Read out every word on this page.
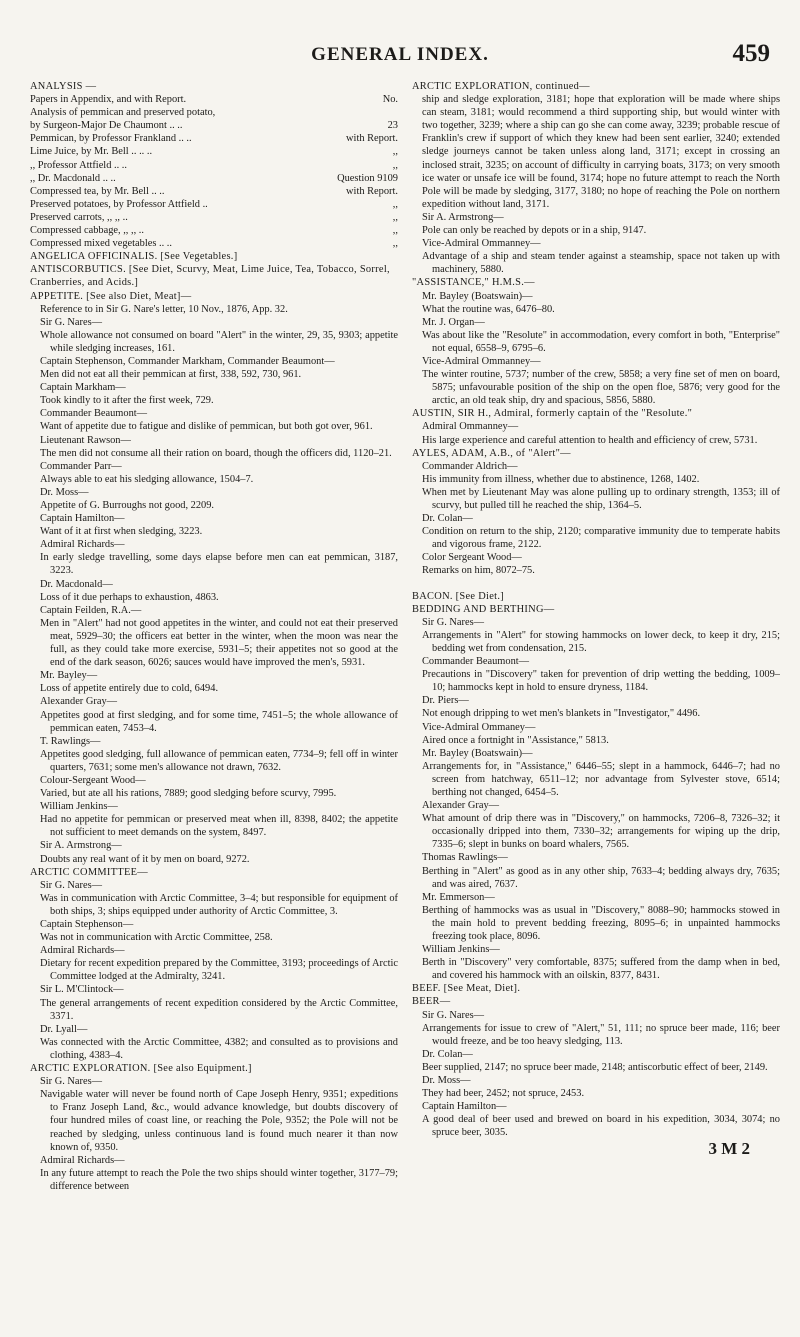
GENERAL INDEX.	459

ANALYSIS —

Papers in Appendix, and with Report.	No.
Analysis of pemmican and preserved potato,
by Surgeon-Major De Chaumont .. ..	23
Pemmican, by Professor Frankland .. ..	with Report.
Lime Juice, by Mr. Bell .. .. ..	,,
,, Professor Attfield .. ..	,,
,, Dr. Macdonald .. ..	Question 9109
Compressed tea, by Mr. Bell .. ..	with Report.
Preserved potatoes, by Professor Attfield ..	,,
Preserved carrots, ,, ,, ..	,,
Compressed cabbage, ,, ,, ..	,,
Compressed mixed vegetables .. ..	,,

ANGELICA OFFICINALIS. [See Vegetables.]

ANTISCORBUTICS. [See Diet, Scurvy, Meat, Lime Juice, Tea, Tobacco, Sorrel, Cranberries, and Acids.]

APPETITE. [See also Diet, Meat]—

Reference to in Sir G. Nare's letter, 10 Nov., 1876, App. 32.

Sir G. Nares—

Whole allowance not consumed on board "Alert" in the winter, 29, 35, 9303; appetite while sledging increases, 161.

Captain Stephenson, Commander Markham, Commander Beaumont—

Men did not eat all their pemmican at first, 338, 592, 730, 961.

Captain Markham—

Took kindly to it after the first week, 729.

Commander Beaumont—

Want of appetite due to fatigue and dislike of pemmican, but both got over, 961.

Lieutenant Rawson—

The men did not consume all their ration on board, though the officers did, 1120–21.

Commander Parr—

Always able to eat his sledging allowance, 1504–7.

Dr. Moss—

Appetite of G. Burroughs not good, 2209.

Captain Hamilton—

Want of it at first when sledging, 3223.

Admiral Richards—

In early sledge travelling, some days elapse before men can eat pemmican, 3187, 3223.

Dr. Macdonald—

Loss of it due perhaps to exhaustion, 4863.

Captain Feilden, R.A.—

Men in "Alert" had not good appetites in the winter, and could not eat their preserved meat, 5929–30; the officers eat better in the winter, when the moon was near the full, as they could take more exercise, 5931–5; their appetites not so good at the end of the dark season, 6026; sauces would have improved the men's, 5931.

Mr. Bayley—

Loss of appetite entirely due to cold, 6494.

Alexander Gray—

Appetites good at first sledging, and for some time, 7451–5; the whole allowance of pemmican eaten, 7453–4.

T. Rawlings—

Appetites good sledging, full allowance of pemmican eaten, 7734–9; fell off in winter quarters, 7631; some men's allowance not drawn, 7632.

Colour-Sergeant Wood—

Varied, but ate all his rations, 7889; good sledging before scurvy, 7995.

William Jenkins—

Had no appetite for pemmican or preserved meat when ill, 8398, 8402; the appetite not sufficient to meet demands on the system, 8497.

Sir A. Armstrong—

Doubts any real want of it by men on board, 9272.

ARCTIC COMMITTEE—

Sir G. Nares—

Was in communication with Arctic Committee, 3–4; but responsible for equipment of both ships, 3; ships equipped under authority of Arctic Committee, 3.

Captain Stephenson—

Was not in communication with Arctic Committee, 258.

Admiral Richards—

Dietary for recent expedition prepared by the Committee, 3193; proceedings of Arctic Committee lodged at the Admiralty, 3241.

Sir L. M'Clintock—

The general arrangements of recent expedition considered by the Arctic Committee, 3371.

Dr. Lyall—

Was connected with the Arctic Committee, 4382; and consulted as to provisions and clothing, 4383–4.

ARCTIC EXPLORATION. [See also Equipment.]

Sir G. Nares—

Navigable water will never be found north of Cape Joseph Henry, 9351; expeditions to Franz Joseph Land, &c., would advance knowledge, but doubts discovery of four hundred miles of coast line, or reaching the Pole, 9352; the Pole will not be reached by sledging, unless continuous land is found much nearer it than now known of, 9350.

Admiral Richards—

In any future attempt to reach the Pole the two ships should winter together, 3177–79; difference between

ARCTIC EXPLORATION, continued—

ship and sledge exploration, 3181; hope that exploration will be made where ships can steam, 3181; would recommend a third supporting ship, but would winter with two together, 3239; where a ship can go she can come away, 3239; probable rescue of Franklin's crew if support of which they knew had been sent earlier, 3240; extended sledge journeys cannot be taken unless along land, 3171; except in crossing an inclosed strait, 3235; on account of difficulty in carrying boats, 3173; on very smooth ice water or unsafe ice will be found, 3174; hope no future attempt to reach the North Pole will be made by sledging, 3177, 3180; no hope of reaching the Pole on northern expedition without land, 3171.

Sir A. Armstrong—

Pole can only be reached by depots or in a ship, 9147.

Vice-Admiral Ommanney—

Advantage of a ship and steam tender against a steamship, space not taken up with machinery, 5880.

"ASSISTANCE," H.M.S.—

Mr. Bayley (Boatswain)—

What the routine was, 6476–80.

Mr. J. Organ—

Was about like the "Resolute" in accommodation, every comfort in both, "Enterprise" not equal, 6558–9, 6795–6.

Vice-Admiral Ommanney—

The winter routine, 5737; number of the crew, 5858; a very fine set of men on board, 5875; unfavourable position of the ship on the open floe, 5876; very good for the arctic, an old teak ship, dry and spacious, 5856, 5880.

AUSTIN, SIR H., Admiral, formerly captain of the "Resolute."

Admiral Ommanney—

His large experience and careful attention to health and efficiency of crew, 5731.

AYLES, ADAM, A.B., of "Alert"—

Commander Aldrich—

His immunity from illness, whether due to abstinence, 1268, 1402.

When met by Lieutenant May was alone pulling up to ordinary strength, 1353; ill of scurvy, but pulled till he reached the ship, 1364–5.

Dr. Colan—

Condition on return to the ship, 2120; comparative immunity due to temperate habits and vigorous frame, 2122.

Color Sergeant Wood—

Remarks on him, 8072–75.

BACON. [See Diet.]

BEDDING AND BERTHING—

Sir G. Nares—

Arrangements in "Alert" for stowing hammocks on lower deck, to keep it dry, 215; bedding wet from condensation, 215.

Commander Beaumont—

Precautions in "Discovery" taken for prevention of drip wetting the bedding, 1009–10; hammocks kept in hold to ensure dryness, 1184.

Dr. Piers—

Not enough dripping to wet men's blankets in "Investigator," 4496.

Vice-Admiral Ommaney—

Aired once a fortnight in "Assistance," 5813.

Mr. Bayley (Boatswain)—

Arrangements for, in "Assistance," 6446–55; slept in a hammock, 6446–7; had no screen from hatchway, 6511–12; nor advantage from Sylvester stove, 6514; berthing not changed, 6454–5.

Alexander Gray—

What amount of drip there was in "Discovery," on hammocks, 7206–8, 7326–32; it occasionally dripped into them, 7330–32; arrangements for wiping up the drip, 7335–6; slept in bunks on board whalers, 7565.

Thomas Rawlings—

Berthing in "Alert" as good as in any other ship, 7633–4; bedding always dry, 7635; and was aired, 7637.

Mr. Emmerson—

Berthing of hammocks was as usual in "Discovery," 8088–90; hammocks stowed in the main hold to prevent bedding freezing, 8095–6; in unpainted hammocks freezing took place, 8096.

William Jenkins—

Berth in "Discovery" very comfortable, 8375; suffered from the damp when in bed, and covered his hammock with an oilskin, 8377, 8431.

BEEF. [See Meat, Diet].

BEER—

Sir G. Nares—

Arrangements for issue to crew of "Alert," 51, 111; no spruce beer made, 116; beer would freeze, and be too heavy sledging, 113.

Dr. Colan—

Beer supplied, 2147; no spruce beer made, 2148; antiscorbutic effect of beer, 2149.

Dr. Moss—

They had beer, 2452; not spruce, 2453.

Captain Hamilton—

A good deal of beer used and brewed on board in his expedition, 3034, 3074; no spruce beer, 3035.

3 M 2
